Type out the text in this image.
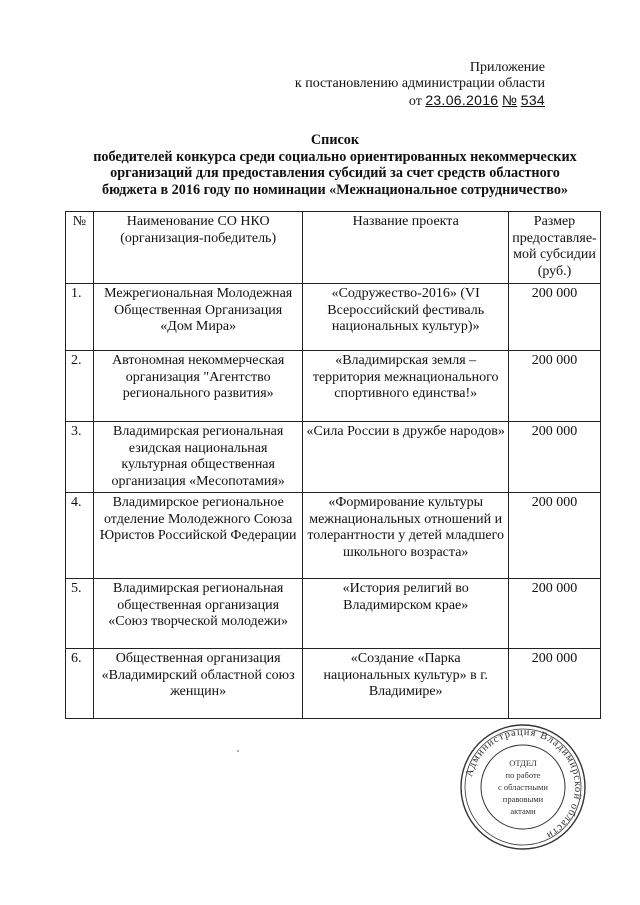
Приложение
к постановлению администрации области
от 23.06.2016 № 534
Список
победителей конкурса среди социально ориентированных некоммерческих
организаций для предоставления субсидий за счет средств областного
бюджета в 2016 году по номинации «Межнациональное сотрудничество»
№	Наименование СО НКО (организация-победитель)	Название проекта	Размер предоставляе-мой субсидии (руб.)
1.	Межрегиональная Молодежная Общественная Организация «Дом Мира»	«Содружество-2016» (VI Всероссийский фестиваль национальных культур)»	200 000
2.	Автономная некоммерческая организация "Агентство регионального развития»	«Владимирская земля – территория межнационального спортивного единства!»	200 000
3.	Владимирская региональная езидская национальная культурная общественная организация «Месопотамия»	«Сила России в дружбе народов»	200 000
4.	Владимирское региональное отделение Молодежного Союза Юристов Российской Федерации	«Формирование культуры межнациональных отношений и толерантности у детей младшего школьного возраста»	200 000
5.	Владимирская региональная общественная организация «Союз творческой молодежи»	«История религий во Владимирском крае»	200 000
6.	Общественная организация «Владимирский областной союз женщин»	«Создание «Парка национальных культур» в г. Владимире»	200 000
Администрация Владимирской области
ОТДЕЛ
по работе
с областными
правовыми
актами
